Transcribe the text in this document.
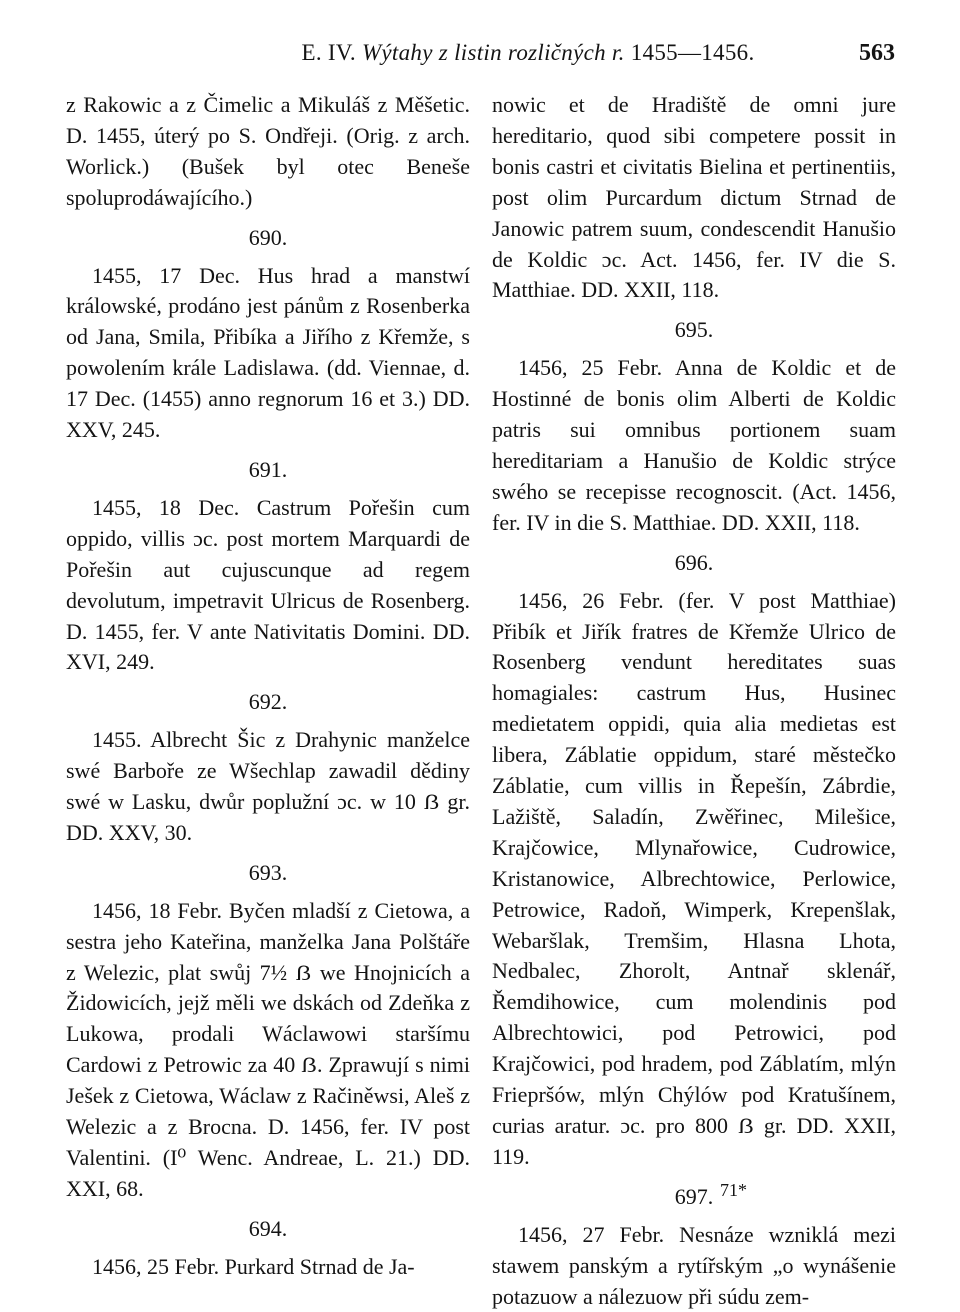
E. IV. Wýtahy z listin rozličných r. 1455—1456.	563

z Rakowic a z Čimelic a Mikuláš z Měšetic. D. 1455, úterý po S. Ondřeji. (Orig. z arch. Worlick.) (Bušek byl otec Beneše spoluprodáwajícího.)

690.

1455, 17 Dec. Hus hrad a manstwí králowské, prodáno jest pánům z Rosenberka od Jana, Smila, Přibíka a Jiřího z Křemže, s powolením krále Ladislawa. (dd. Viennae, d. 17 Dec. (1455) anno regnorum 16 et 3.) DD. XXV, 245.

691.

1455, 18 Dec. Castrum Pořešin cum oppido, villis ɔc. post mortem Marquardi de Pořešin aut cujuscunque ad regem devolutum, impetravit Ulricus de Rosenberg. D. 1455, fer. V ante Nativitatis Domini. DD. XVI, 249.

692.

1455. Albrecht Šic z Drahynic manželce swé Barboře ze Wšechlap zawadil dědiny swé w Lasku, dwůr poplužní ɔc. w 10 ẞ gr. DD. XXV, 30.

693.

1456, 18 Febr. Byčen mladší z Cietowa, a sestra jeho Kateřina, manželka Jana Polštáře z Welezic, plat swůj 7½ ẞ we Hnojnicích a Židowicích, jejž měli we dskách od Zdeňka z Lukowa, prodali Wáclawowi staršímu Cardowi z Petrowic za 40 ẞ. Zprawují s nimi Ješek z Cietowa, Wáclaw z Račiněwsi, Aleš z Welezic a z Brocna. D. 1456, fer. IV post Valentini. (I⁰ Wenc. Andreae, L. 21.) DD. XXI, 68.

694.

1456, 25 Febr. Purkard Strnad de Ja-

nowic et de Hradiště de omni jure hereditario, quod sibi competere possit in bonis castri et civitatis Bielina et pertinentiis, post olim Purcardum dictum Strnad de Janowic patrem suum, condescendit Hanušio de Koldic ɔc. Act. 1456, fer. IV die S. Matthiae. DD. XXII, 118.

695.

1456, 25 Febr. Anna de Koldic et de Hostinné de bonis olim Alberti de Koldic patris sui omnibus portionem suam hereditariam a Hanušio de Koldic strýce swého se recepisse recognoscit. (Act. 1456, fer. IV in die S. Matthiae. DD. XXII, 118.

696.

1456, 26 Febr. (fer. V post Matthiae) Přibík et Jiřík fratres de Křemže Ulrico de Rosenberg vendunt hereditates suas homagiales: castrum Hus, Husinec medietatem oppidi, quia alia medietas est libera, Záblatie oppidum, staré městečko Záblatie, cum villis in Řepešín, Zábrdie, Lažiště, Saladín, Zwěřinec, Milešice, Krajčowice, Mlynařowice, Cudrowice, Kristanowice, Albrechtowice, Perlowice, Petrowice, Radoň, Wimperk, Krepenšlak, Webaršlak, Tremšim, Hlasna Lhota, Nedbalec, Zhorolt, Antnař sklenář, Řemdihowice, cum molendinis pod Albrechtowici, pod Petrowici, pod Krajčowici, pod hradem, pod Záblatím, mlýn Friepršów, mlýn Chýlów pod Kratušínem, curias aratur. ɔc. pro 800 ẞ gr. DD. XXII, 119.

697.

1456, 27 Febr. Nesnáze wzniklá mezi stawem panským a rytířským „o wynášenie potazuow a nálezuow při súdu zem-

71*
